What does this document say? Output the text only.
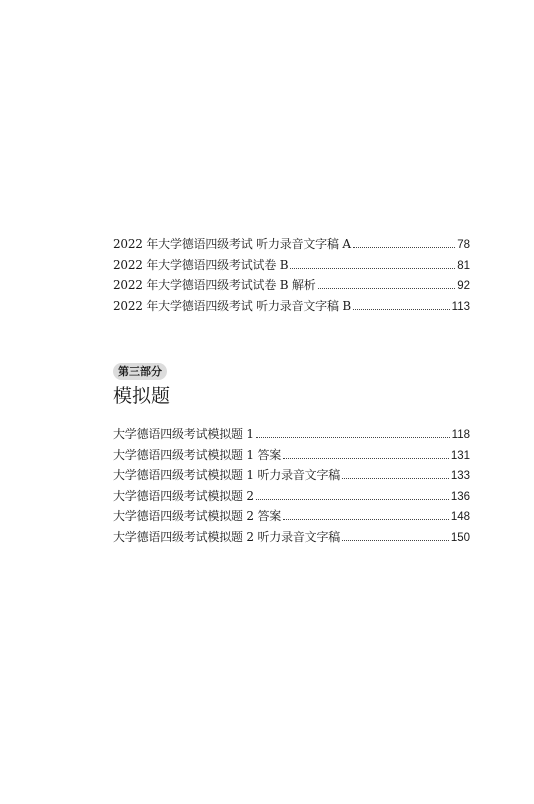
2022 年大学德语四级考试 听力录音文字稿 A	78
2022 年大学德语四级考试试卷 B	81
2022 年大学德语四级考试试卷 B 解析	92
2022 年大学德语四级考试 听力录音文字稿 B	113
第三部分
模拟题
大学德语四级考试模拟题 1	118
大学德语四级考试模拟题 1 答案	131
大学德语四级考试模拟题 1 听力录音文字稿	133
大学德语四级考试模拟题 2	136
大学德语四级考试模拟题 2 答案	148
大学德语四级考试模拟题 2 听力录音文字稿	150
